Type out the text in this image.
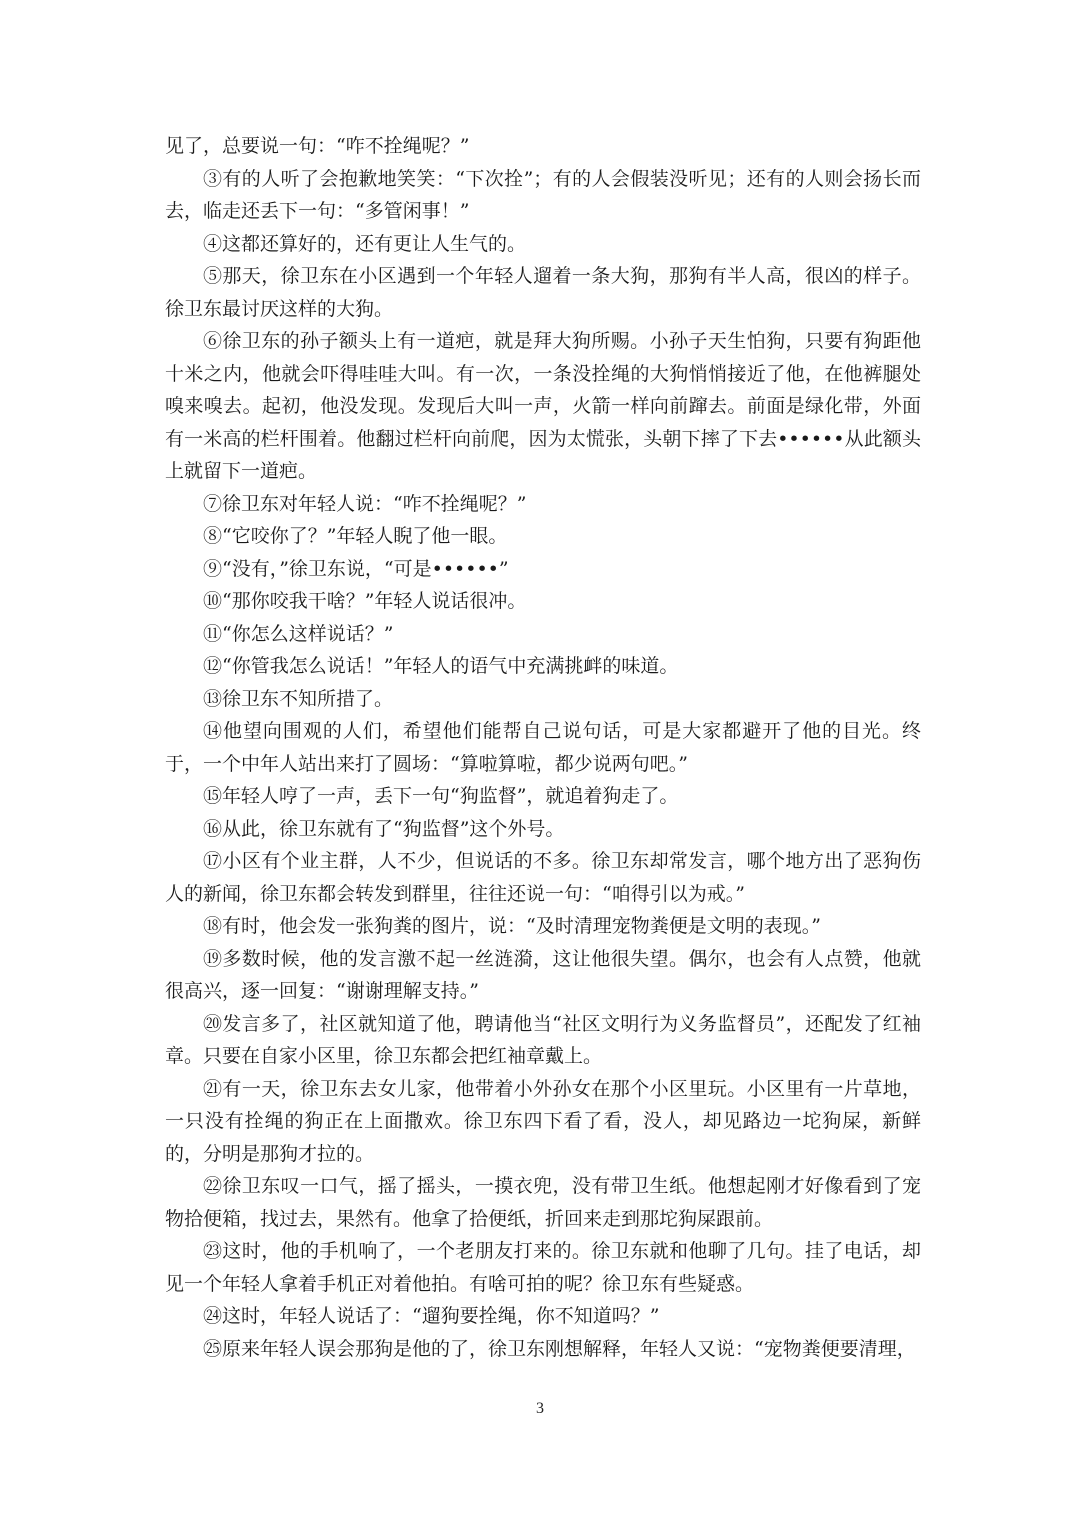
见了，总要说一句：“咋不拴绳呢？”

③有的人听了会抱歉地笑笑：“下次拴”；有的人会假装没听见；还有的人则会扬长而去，临走还丢下一句：“多管闲事！”

④这都还算好的，还有更让人生气的。

⑤那天，徐卫东在小区遇到一个年轻人遛着一条大狗，那狗有半人高，很凶的样子。徐卫东最讨厌这样的大狗。

⑥徐卫东的孙子额头上有一道疤，就是拜大狗所赐。小孙子天生怕狗，只要有狗距他十米之内，他就会吓得哇哇大叫。有一次，一条没拴绳的大狗悄悄接近了他，在他裤腿处嗅来嗅去。起初，他没发现。发现后大叫一声，火箭一样向前蹿去。前面是绿化带，外面有一米高的栏杆围着。他翻过栏杆向前爬，因为太慌张，头朝下摔了下去••••••从此额头上就留下一道疤。

⑦徐卫东对年轻人说：“咋不拴绳呢？”

⑧“它咬你了？”年轻人睨了他一眼。

⑨“没有，”徐卫东说，“可是••••••”

⑩“那你咬我干啥？”年轻人说话很冲。

⑪“你怎么这样说话？”

⑫“你管我怎么说话！”年轻人的语气中充满挑衅的味道。

⑬徐卫东不知所措了。

⑭他望向围观的人们，希望他们能帮自己说句话，可是大家都避开了他的目光。终于，一个中年人站出来打了圆场：“算啦算啦，都少说两句吧。”

⑮年轻人哼了一声，丢下一句“狗监督”，就追着狗走了。

⑯从此，徐卫东就有了“狗监督”这个外号。

⑰小区有个业主群，人不少，但说话的不多。徐卫东却常发言，哪个地方出了恶狗伤人的新闻，徐卫东都会转发到群里，往往还说一句：“咱得引以为戒。”

⑱有时，他会发一张狗粪的图片，说：“及时清理宠物粪便是文明的表现。”

⑲多数时候，他的发言激不起一丝涟漪，这让他很失望。偶尔，也会有人点赞，他就很高兴，逐一回复：“谢谢理解支持。”

⑳发言多了，社区就知道了他，聘请他当“社区文明行为义务监督员”，还配发了红袖章。只要在自家小区里，徐卫东都会把红袖章戴上。

㉑有一天，徐卫东去女儿家，他带着小外孙女在那个小区里玩。小区里有一片草地，一只没有拴绳的狗正在上面撒欢。徐卫东四下看了看，没人，却见路边一坨狗屎，新鲜的，分明是那狗才拉的。

㉒徐卫东叹一口气，摇了摇头，一摸衣兜，没有带卫生纸。他想起刚才好像看到了宠物拾便箱，找过去，果然有。他拿了拾便纸，折回来走到那坨狗屎跟前。

㉓这时，他的手机响了，一个老朋友打来的。徐卫东就和他聊了几句。挂了电话，却见一个年轻人拿着手机正对着他拍。有啥可拍的呢？徐卫东有些疑惑。

㉔这时，年轻人说话了：“遛狗要拴绳，你不知道吗？”

㉕原来年轻人误会那狗是他的了，徐卫东刚想解释，年轻人又说：“宠物粪便要清理，

3
